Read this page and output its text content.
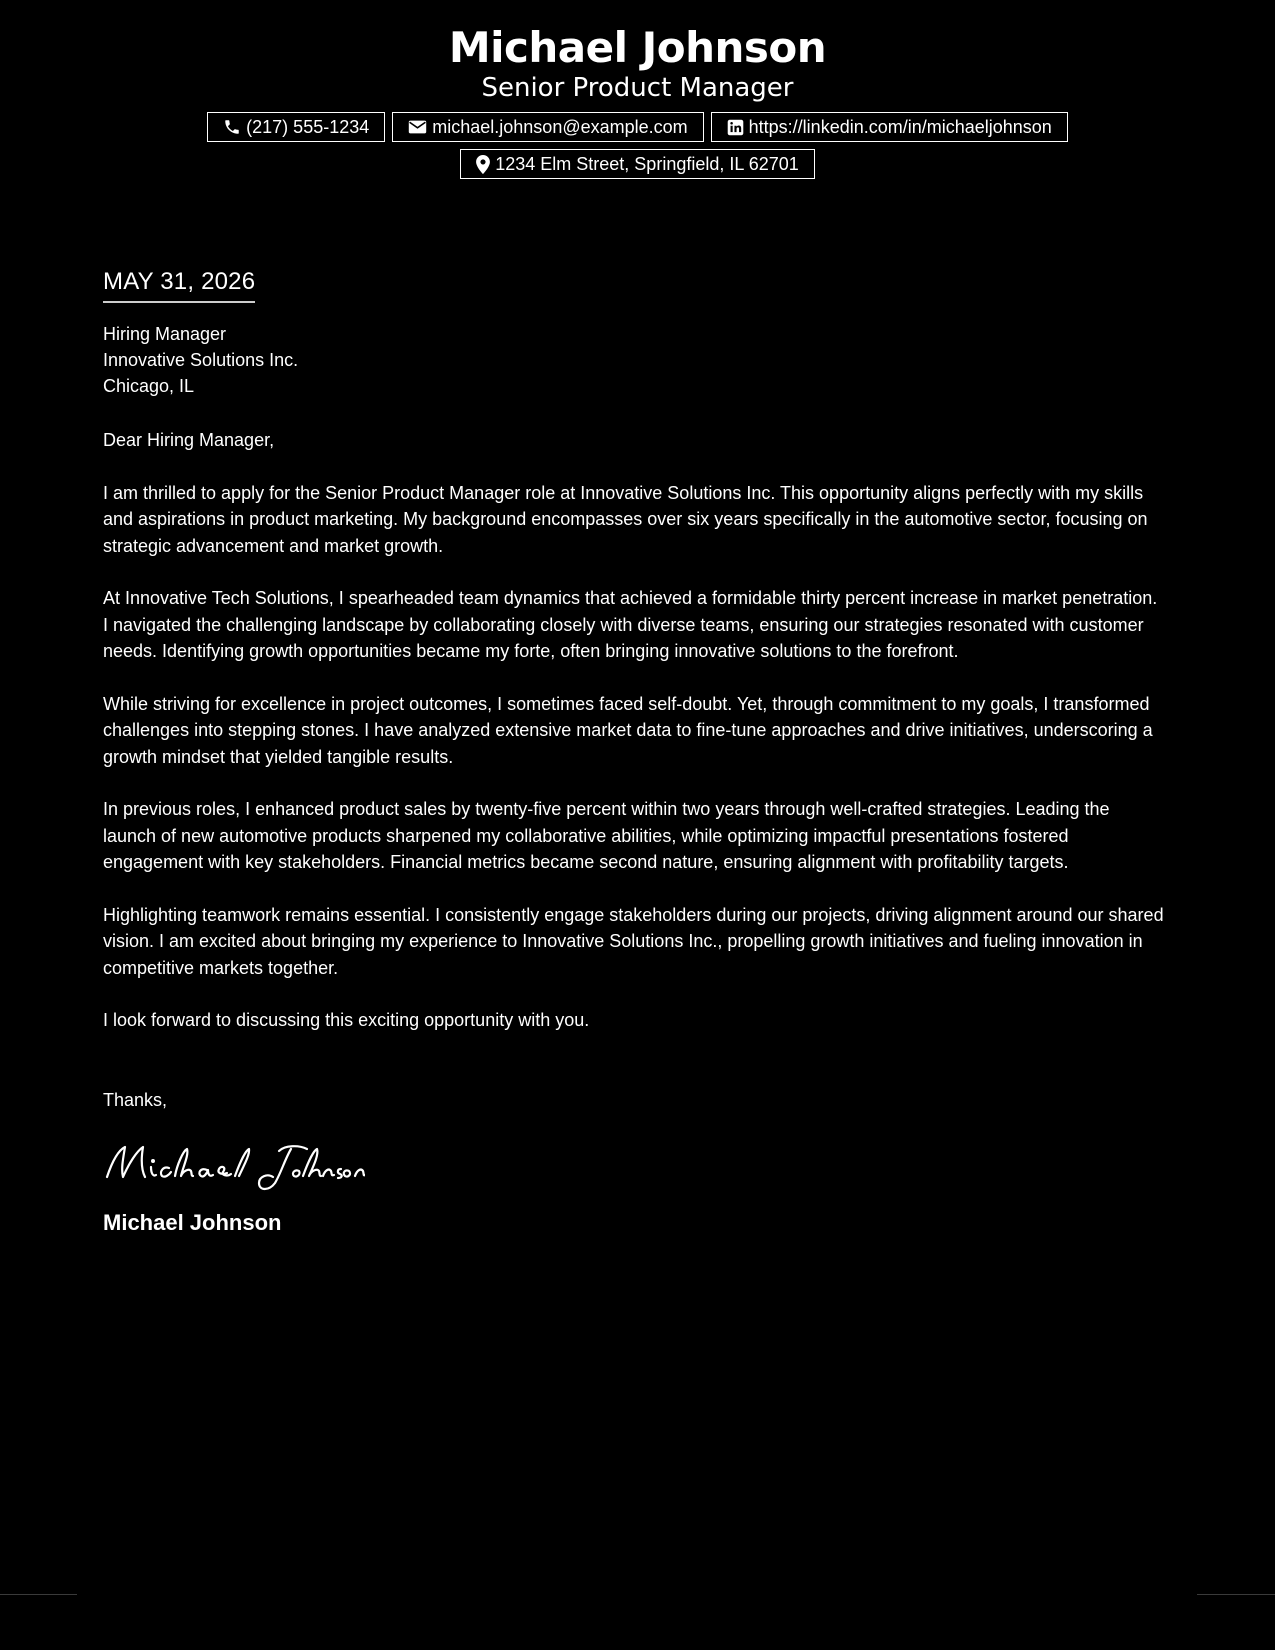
Michael Johnson
Senior Product Manager
(217) 555-1234	michael.johnson@example.com	https://linkedin.com/in/michaeljohnson
1234 Elm Street, Springfield, IL 62701
MAY 31, 2026
Hiring Manager
Innovative Solutions Inc.
Chicago, IL

Dear Hiring Manager,

I am thrilled to apply for the Senior Product Manager role at Innovative Solutions Inc. This opportunity aligns perfectly with my skills and aspirations in product marketing. My background encompasses over six years specifically in the automotive sector, focusing on strategic advancement and market growth.

At Innovative Tech Solutions, I spearheaded team dynamics that achieved a formidable thirty percent increase in market penetration. I navigated the challenging landscape by collaborating closely with diverse teams, ensuring our strategies resonated with customer needs. Identifying growth opportunities became my forte, often bringing innovative solutions to the forefront.

While striving for excellence in project outcomes, I sometimes faced self-doubt. Yet, through commitment to my goals, I transformed challenges into stepping stones. I have analyzed extensive market data to fine-tune approaches and drive initiatives, underscoring a growth mindset that yielded tangible results.

In previous roles, I enhanced product sales by twenty-five percent within two years through well-crafted strategies. Leading the launch of new automotive products sharpened my collaborative abilities, while optimizing impactful presentations fostered engagement with key stakeholders. Financial metrics became second nature, ensuring alignment with profitability targets.

Highlighting teamwork remains essential. I consistently engage stakeholders during our projects, driving alignment around our shared vision. I am excited about bringing my experience to Innovative Solutions Inc., propelling growth initiatives and fueling innovation in competitive markets together.

I look forward to discussing this exciting opportunity with you.

Thanks,

Michael Johnson
